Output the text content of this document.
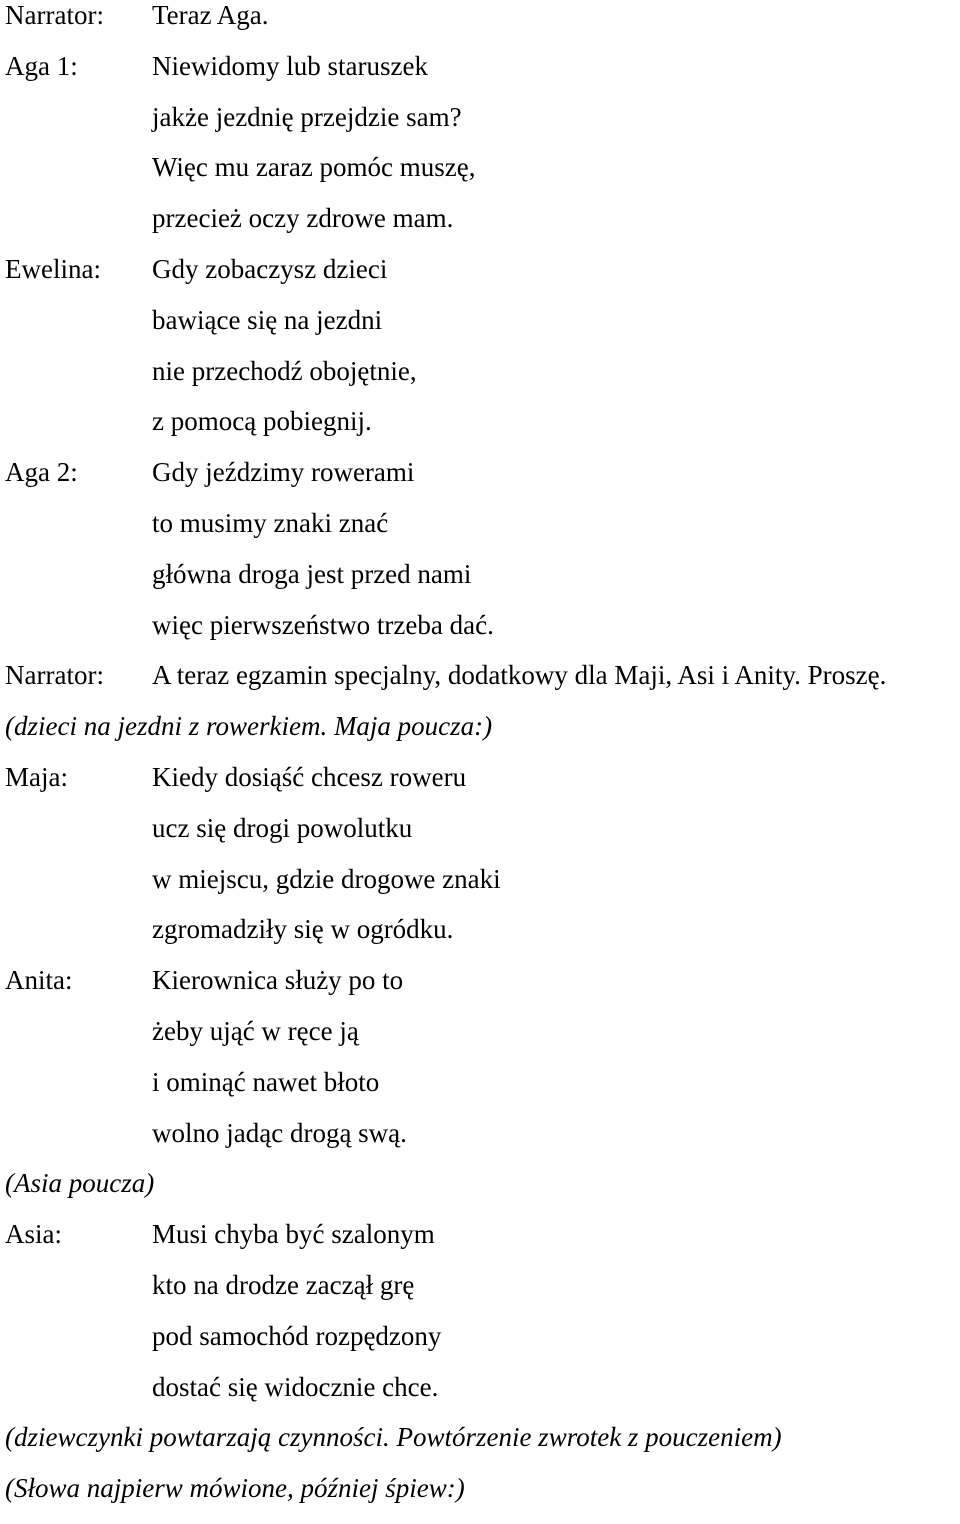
Narrator: Teraz Aga.
Aga 1:	Niewidomy lub staruszek
jakże jezdnię przejdzie sam?
Więc mu zaraz pomóc muszę,
przecież oczy zdrowe mam.
Ewelina: Gdy zobaczysz dzieci
bawiące się na jezdni
nie przechodź obojętnie,
z pomocą pobiegnij.
Aga 2:	Gdy jeździmy rowerami
to musimy znaki znać
główna droga jest przed nami
więc pierwszeństwo trzeba dać.
Narrator: A teraz egzamin specjalny, dodatkowy dla Maji, Asi i Anity. Proszę.
(dzieci na jezdni z rowerkiem. Maja poucza:)
Maja:	Kiedy dosiąść chcesz roweru
ucz się drogi powolutku
w miejscu, gdzie drogowe znaki
zgromadziły się w ogródku.
Anita:	Kierownica służy po to
żeby ująć w ręce ją
i ominąć nawet błoto
wolno jadąc drogą swą.
(Asia poucza)
Asia:	Musi chyba być szalonym
kto na drodze zaczął grę
pod samochód rozpędzony
dostać się widocznie chce.
(dziewczynki powtarzają czynności. Powtórzenie zwrotek z pouczeniem)
(Słowa najpierw mówione, później śpiew:)
